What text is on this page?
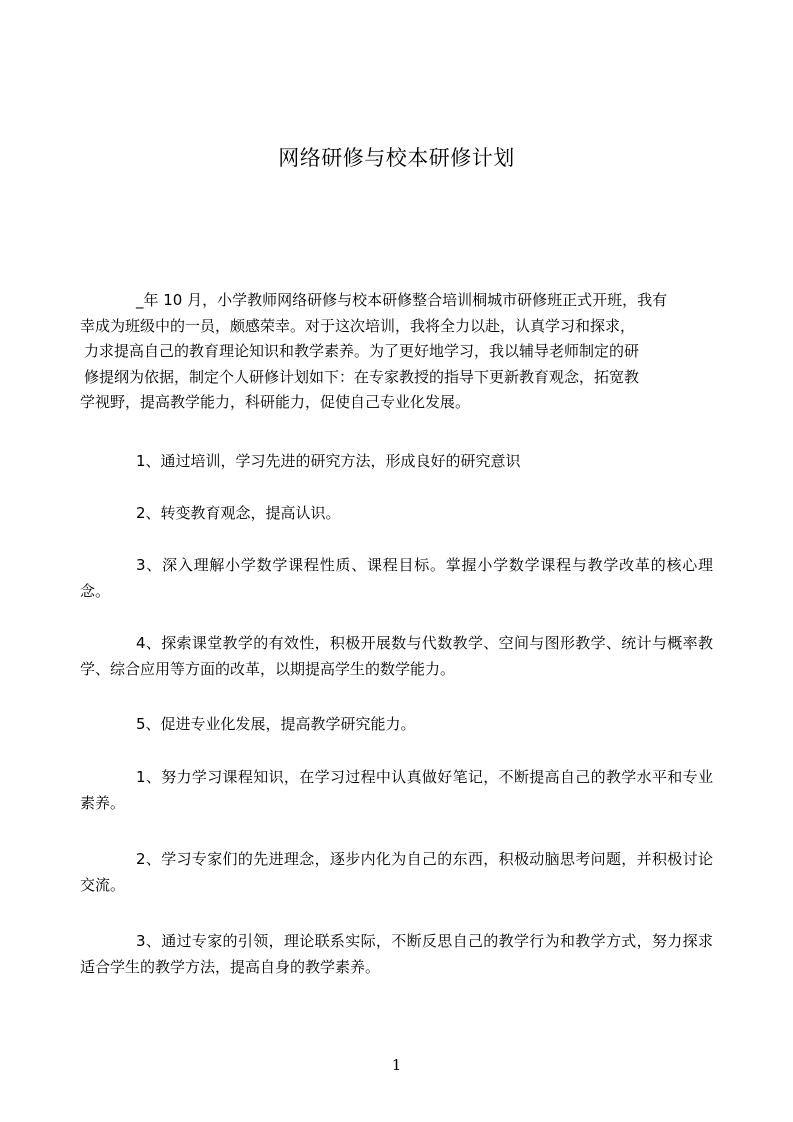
网络研修与校本研修计划
_年 10 月，小学教师网络研修与校本研修整合培训桐城市研修班正式开班，我有
幸成为班级中的一员，颇感荣幸。对于这次培训，我将全力以赴，认真学习和探求，
力求提高自己的教育理论知识和教学素养。为了更好地学习，我以辅导老师制定的研
修提纲为依据，制定个人研修计划如下：在专家教授的指导下更新教育观念，拓宽教
学视野，提高教学能力，科研能力，促使自己专业化发展。

1、通过培训，学习先进的研究方法，形成良好的研究意识

2、转变教育观念，提高认识。

3、深入理解小学数学课程性质、课程目标。掌握小学数学课程与教学改革的核心理念。

4、探索课堂教学的有效性，积极开展数与代数教学、空间与图形教学、统计与概率教学、综合应用等方面的改革，以期提高学生的数学能力。

5、促进专业化发展，提高教学研究能力。

1、努力学习课程知识，在学习过程中认真做好笔记，不断提高自己的教学水平和专业素养。

2、学习专家们的先进理念，逐步内化为自己的东西，积极动脑思考问题，并积极讨论交流。

3、通过专家的引领，理论联系实际，不断反思自己的教学行为和教学方式，努力探求适合学生的教学方法，提高自身的教学素养。

1
